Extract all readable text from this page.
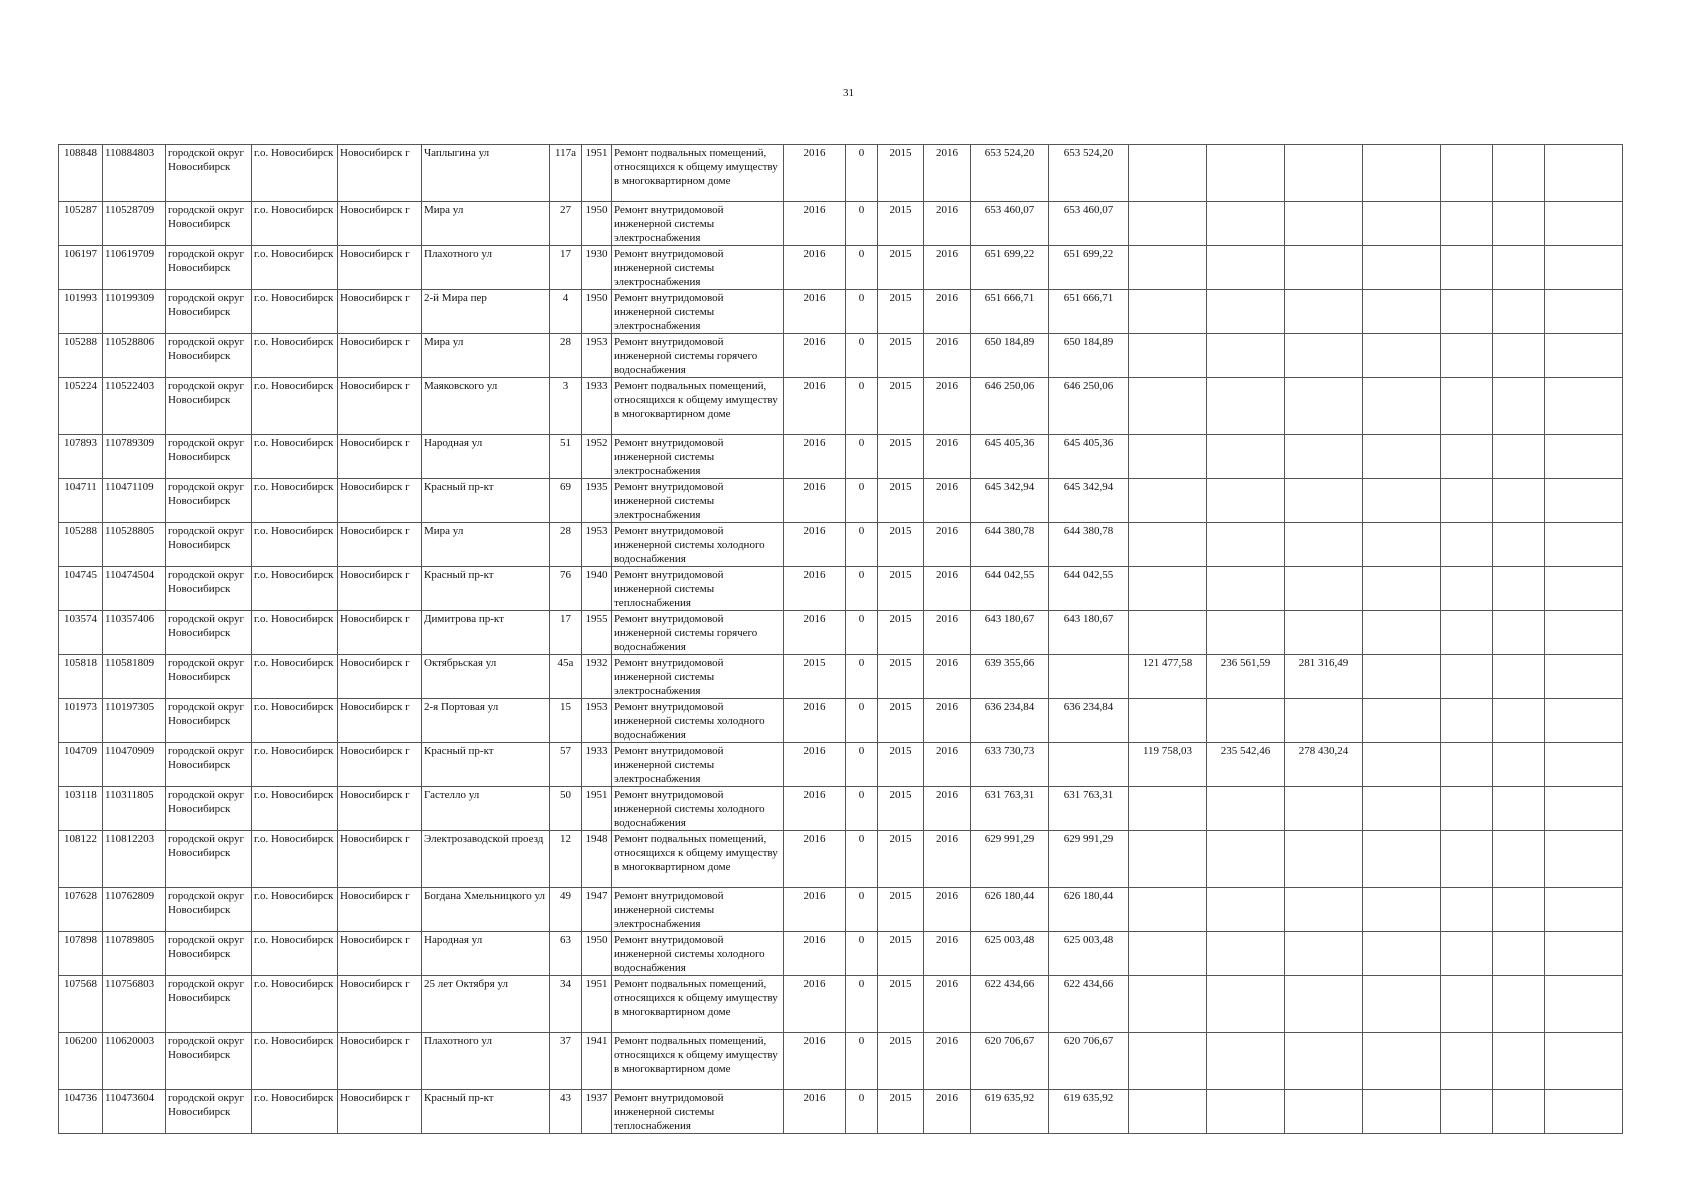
31
108848	110884803	городской округ Новосибирск	г.о. Новосибирск	Новосибирск г	Чаплыгина ул	117а	1951	Ремонт подвальных помещений, относящихся к общему имуществу в многоквартирном доме	2016	0	2015	2016	653 524,20	653 524,20							
105287	110528709	городской округ Новосибирск	г.о. Новосибирск	Новосибирск г	Мира ул	27	1950	Ремонт внутридомовой инженерной системы электроснабжения	2016	0	2015	2016	653 460,07	653 460,07							
106197	110619709	городской округ Новосибирск	г.о. Новосибирск	Новосибирск г	Плахотного ул	17	1930	Ремонт внутридомовой инженерной системы электроснабжения	2016	0	2015	2016	651 699,22	651 699,22							
101993	110199309	городской округ Новосибирск	г.о. Новосибирск	Новосибирск г	2-й Мира пер	4	1950	Ремонт внутридомовой инженерной системы электроснабжения	2016	0	2015	2016	651 666,71	651 666,71							
105288	110528806	городской округ Новосибирск	г.о. Новосибирск	Новосибирск г	Мира ул	28	1953	Ремонт внутридомовой инженерной системы горячего водоснабжения	2016	0	2015	2016	650 184,89	650 184,89							
105224	110522403	городской округ Новосибирск	г.о. Новосибирск	Новосибирск г	Маяковского ул	3	1933	Ремонт подвальных помещений, относящихся к общему имуществу в многоквартирном доме	2016	0	2015	2016	646 250,06	646 250,06							
107893	110789309	городской округ Новосибирск	г.о. Новосибирск	Новосибирск г	Народная ул	51	1952	Ремонт внутридомовой инженерной системы электроснабжения	2016	0	2015	2016	645 405,36	645 405,36							
104711	110471109	городской округ Новосибирск	г.о. Новосибирск	Новосибирск г	Красный пр-кт	69	1935	Ремонт внутридомовой инженерной системы электроснабжения	2016	0	2015	2016	645 342,94	645 342,94							
105288	110528805	городской округ Новосибирск	г.о. Новосибирск	Новосибирск г	Мира ул	28	1953	Ремонт внутридомовой инженерной системы холодного водоснабжения	2016	0	2015	2016	644 380,78	644 380,78							
104745	110474504	городской округ Новосибирск	г.о. Новосибирск	Новосибирск г	Красный пр-кт	76	1940	Ремонт внутридомовой инженерной системы теплоснабжения	2016	0	2015	2016	644 042,55	644 042,55							
103574	110357406	городской округ Новосибирск	г.о. Новосибирск	Новосибирск г	Димитрова пр-кт	17	1955	Ремонт внутридомовой инженерной системы горячего водоснабжения	2016	0	2015	2016	643 180,67	643 180,67							
105818	110581809	городской округ Новосибирск	г.о. Новосибирск	Новосибирск г	Октябрьская ул	45а	1932	Ремонт внутридомовой инженерной системы электроснабжения	2015	0	2015	2016	639 355,66		121 477,58	236 561,59	281 316,49				
101973	110197305	городской округ Новосибирск	г.о. Новосибирск	Новосибирск г	2-я Портовая ул	15	1953	Ремонт внутридомовой инженерной системы холодного водоснабжения	2016	0	2015	2016	636 234,84	636 234,84							
104709	110470909	городской округ Новосибирск	г.о. Новосибирск	Новосибирск г	Красный пр-кт	57	1933	Ремонт внутридомовой инженерной системы электроснабжения	2016	0	2015	2016	633 730,73		119 758,03	235 542,46	278 430,24				
103118	110311805	городской округ Новосибирск	г.о. Новосибирск	Новосибирск г	Гастелло ул	50	1951	Ремонт внутридомовой инженерной системы холодного водоснабжения	2016	0	2015	2016	631 763,31	631 763,31							
108122	110812203	городской округ Новосибирск	г.о. Новосибирск	Новосибирск г	Электрозаводской проезд	12	1948	Ремонт подвальных помещений, относящихся к общему имуществу в многоквартирном доме	2016	0	2015	2016	629 991,29	629 991,29							
107628	110762809	городской округ Новосибирск	г.о. Новосибирск	Новосибирск г	Богдана Хмельницкого ул	49	1947	Ремонт внутридомовой инженерной системы электроснабжения	2016	0	2015	2016	626 180,44	626 180,44							
107898	110789805	городской округ Новосибирск	г.о. Новосибирск	Новосибирск г	Народная ул	63	1950	Ремонт внутридомовой инженерной системы холодного водоснабжения	2016	0	2015	2016	625 003,48	625 003,48							
107568	110756803	городской округ Новосибирск	г.о. Новосибирск	Новосибирск г	25 лет Октября ул	34	1951	Ремонт подвальных помещений, относящихся к общему имуществу в многоквартирном доме	2016	0	2015	2016	622 434,66	622 434,66							
106200	110620003	городской округ Новосибирск	г.о. Новосибирск	Новосибирск г	Плахотного ул	37	1941	Ремонт подвальных помещений, относящихся к общему имуществу в многоквартирном доме	2016	0	2015	2016	620 706,67	620 706,67							
104736	110473604	городской округ Новосибирск	г.о. Новосибирск	Новосибирск г	Красный пр-кт	43	1937	Ремонт внутридомовой инженерной системы теплоснабжения	2016	0	2015	2016	619 635,92	619 635,92							
